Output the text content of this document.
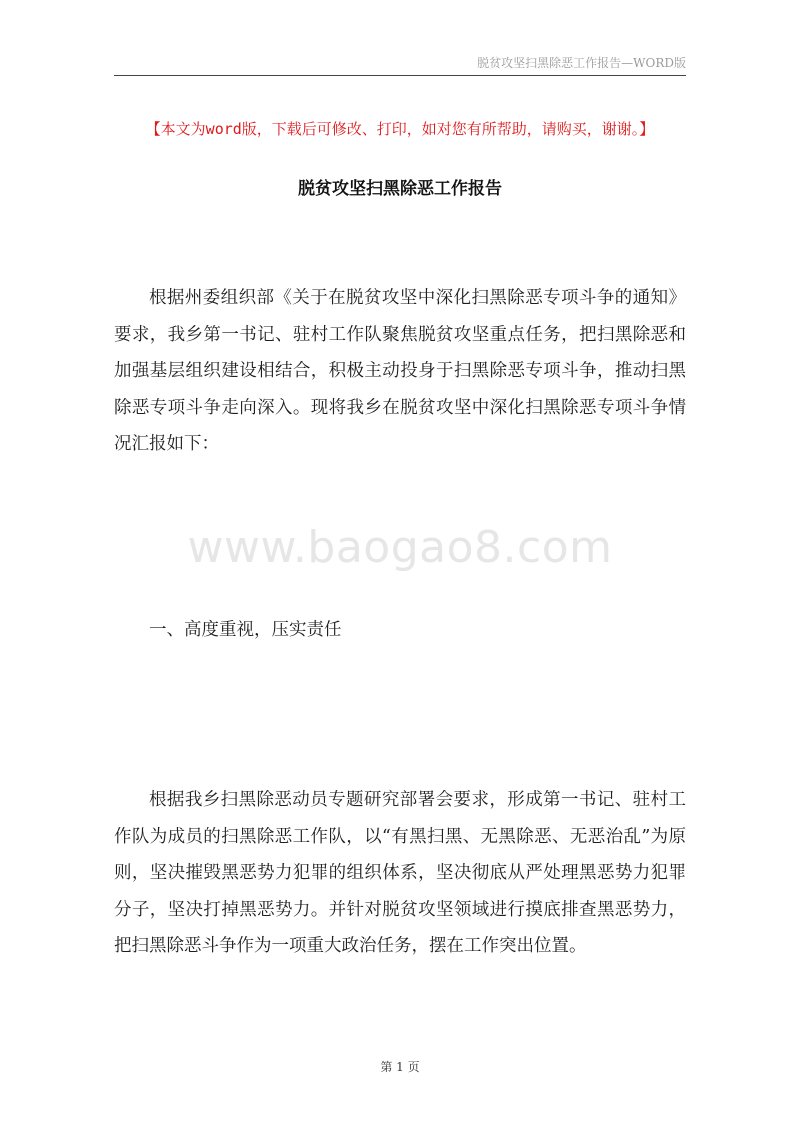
脱贫攻坚扫黑除恶工作报告—WORD版
【本文为word版，下载后可修改、打印，如对您有所帮助，请购买，谢谢。】
脱贫攻坚扫黑除恶工作报告

根据州委组织部《关于在脱贫攻坚中深化扫黑除恶专项斗争的通知》要求，我乡第一书记、驻村工作队聚焦脱贫攻坚重点任务，把扫黑除恶和加强基层组织建设相结合，积极主动投身于扫黑除恶专项斗争，推动扫黑除恶专项斗争走向深入。现将我乡在脱贫攻坚中深化扫黑除恶专项斗争情况汇报如下：

www.baogao8.com
一、高度重视，压实责任

根据我乡扫黑除恶动员专题研究部署会要求，形成第一书记、驻村工作队为成员的扫黑除恶工作队，以“有黑扫黑、无黑除恶、无恶治乱”为原则，坚决摧毁黑恶势力犯罪的组织体系，坚决彻底从严处理黑恶势力犯罪分子，坚决打掉黑恶势力。并针对脱贫攻坚领域进行摸底排查黑恶势力，把扫黑除恶斗争作为一项重大政治任务，摆在工作突出位置。

第 1 页
